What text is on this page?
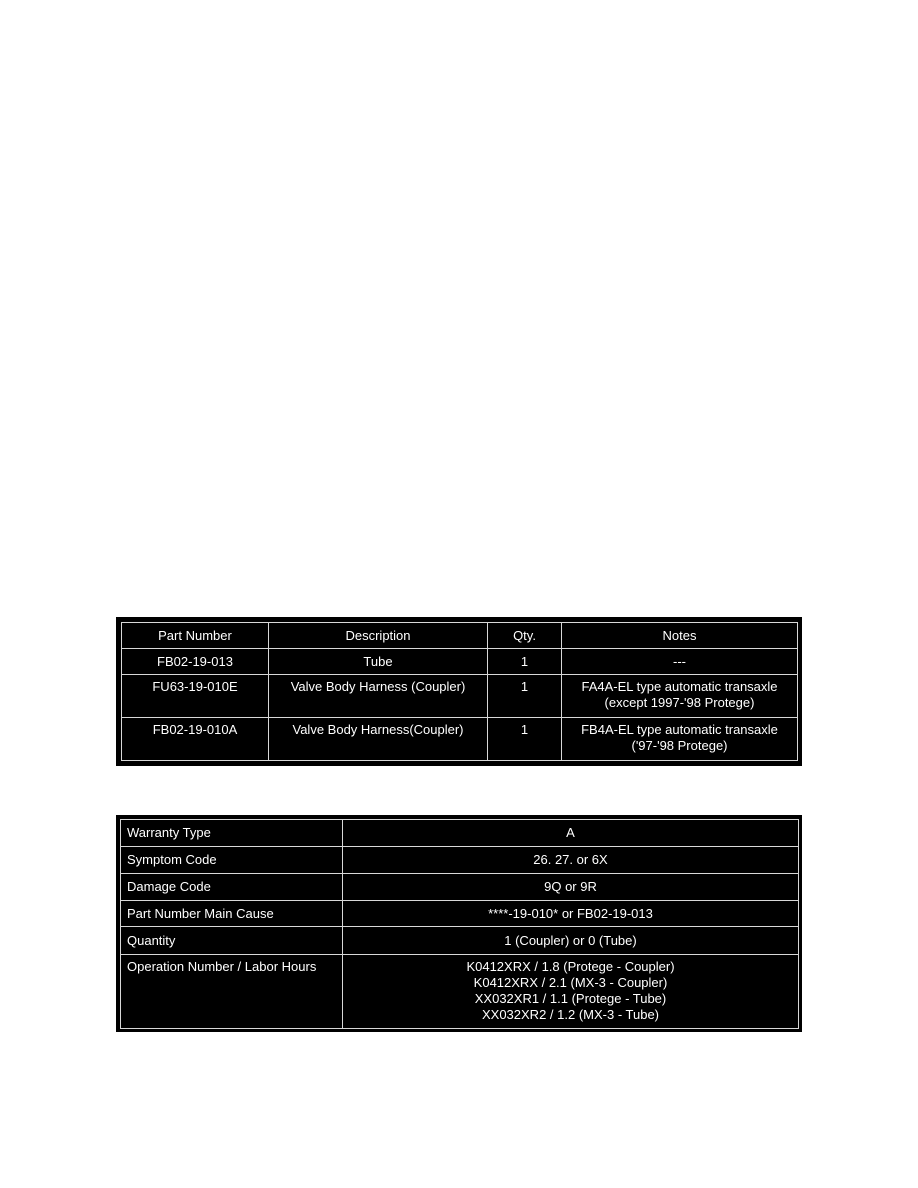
Part Number	Description	Qty.	Notes
FB02-19-013	Tube	1	---

FU63-19-010E	Valve Body Harness (Coupler)	1	FA4A-EL type automatic transaxle
(except 1997-'98 Protege)

FB02-19-010A	Valve Body Harness(Coupler)	1	FB4A-EL type automatic transaxle
('97-'98 Protege)
Warranty Type	A
Symptom Code	26. 27. or 6X
Damage Code	9Q or 9R
Part Number Main Cause	****-19-010* or FB02-19-013
Quantity	1 (Coupler) or 0 (Tube)
Operation Number / Labor Hours	K0412XRX / 1.8 (Protege - Coupler)
K0412XRX / 2.1 (MX-3 - Coupler)
XX032XR1 / 1.1 (Protege - Tube)
XX032XR2 / 1.2 (MX-3 - Tube)
